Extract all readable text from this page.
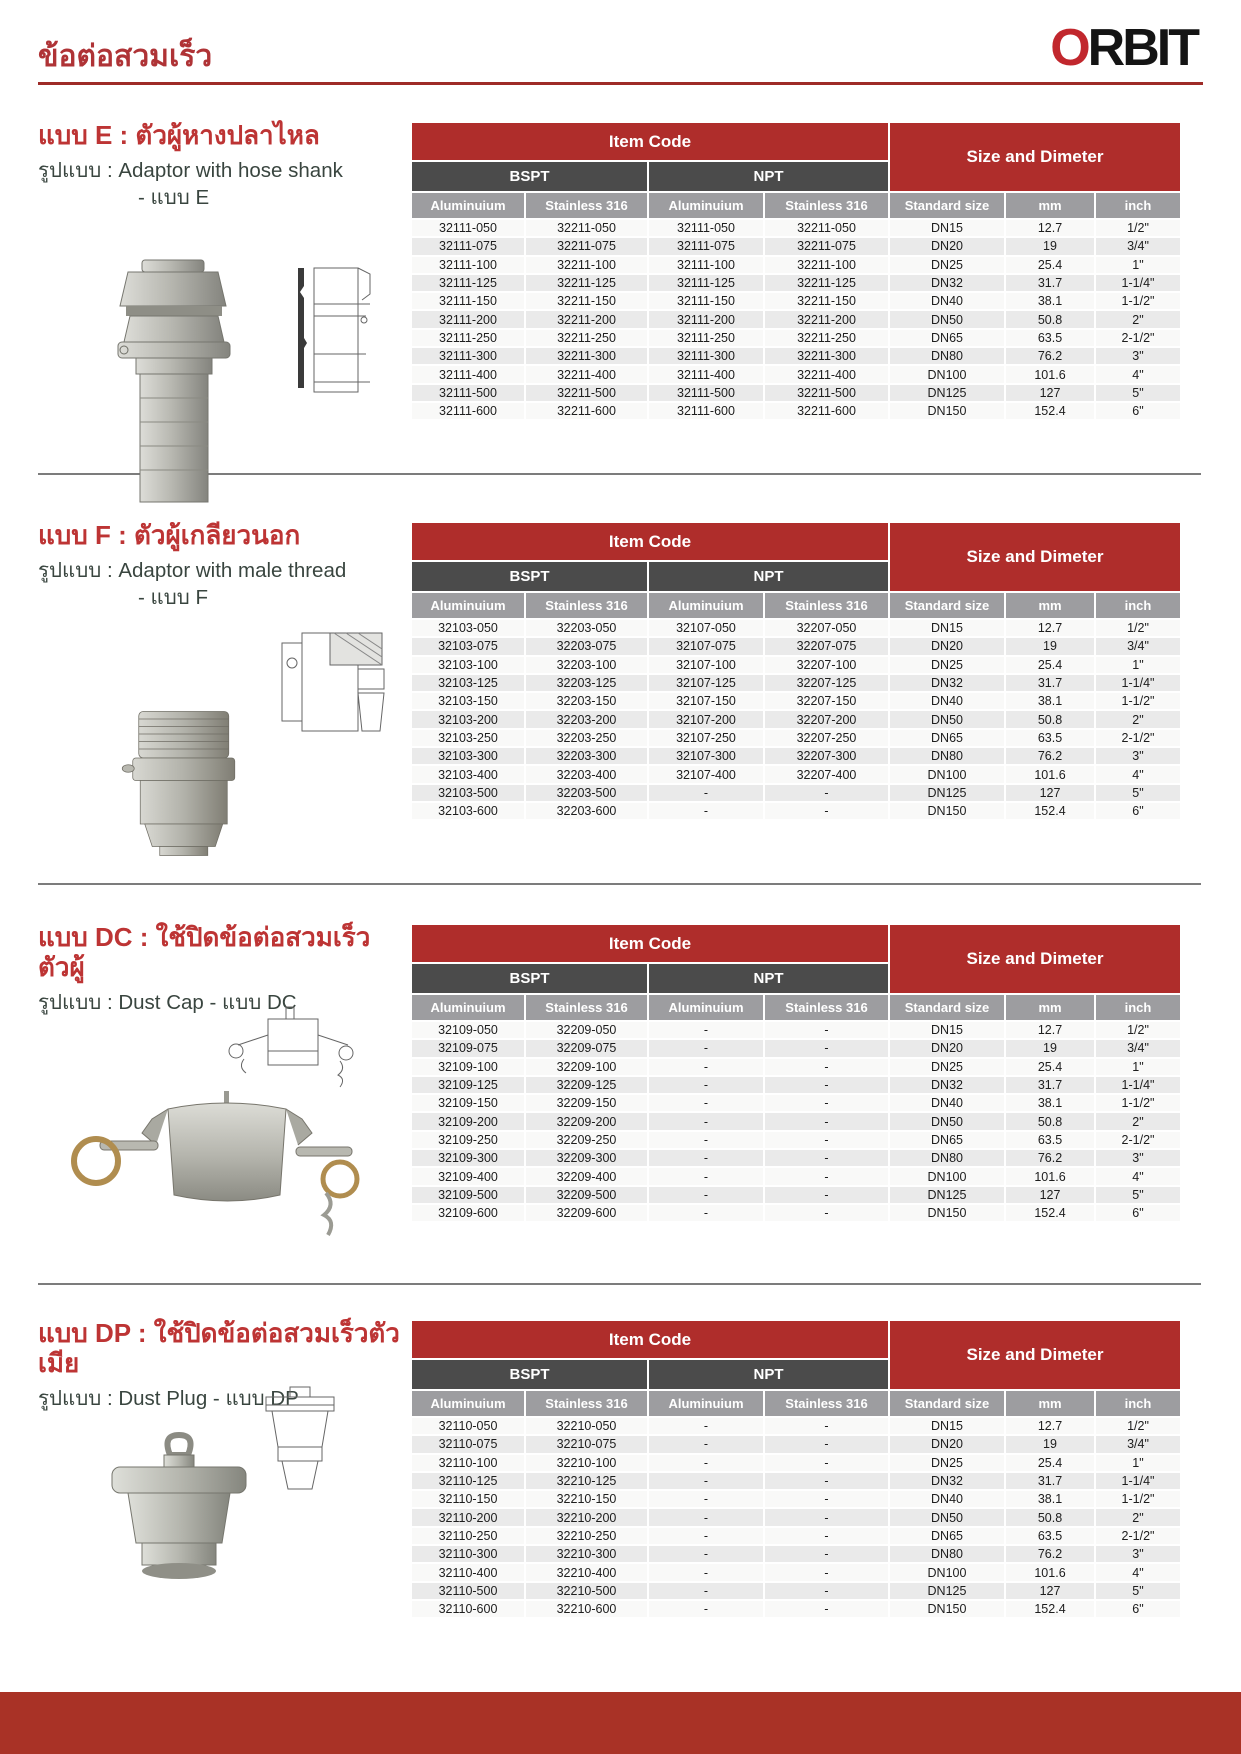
ข้อต่อสวมเร็ว	ORBIT
แบบ E : ตัวผู้หางปลาไหล

รูปแบบ : Adaptor with hose shank

- แบบ E

Item Code				Size and Dimeter		
BSPT		NPT				
Aluminuium	Stainless 316	Aluminuium	Stainless 316	Standard size	mm	inch
32111-050	32211-050	32111-050	32211-050	DN15	12.7	1/2"
32111-075	32211-075	32111-075	32211-075	DN20	19	3/4"
32111-100	32211-100	32111-100	32211-100	DN25	25.4	1"
32111-125	32211-125	32111-125	32211-125	DN32	31.7	1-1/4"
32111-150	32211-150	32111-150	32211-150	DN40	38.1	1-1/2"
32111-200	32211-200	32111-200	32211-200	DN50	50.8	2"
32111-250	32211-250	32111-250	32211-250	DN65	63.5	2-1/2"
32111-300	32211-300	32111-300	32211-300	DN80	76.2	3"
32111-400	32211-400	32111-400	32211-400	DN100	101.6	4"
32111-500	32211-500	32111-500	32211-500	DN125	127	5"
32111-600	32211-600	32111-600	32211-600	DN150	152.4	6"
แบบ F : ตัวผู้เกลียวนอก

รูปแบบ : Adaptor with male thread

- แบบ F

Item Code				Size and Dimeter		
BSPT		NPT				
Aluminuium	Stainless 316	Aluminuium	Stainless 316	Standard size	mm	inch
32103-050	32203-050	32107-050	32207-050	DN15	12.7	1/2"
32103-075	32203-075	32107-075	32207-075	DN20	19	3/4"
32103-100	32203-100	32107-100	32207-100	DN25	25.4	1"
32103-125	32203-125	32107-125	32207-125	DN32	31.7	1-1/4"
32103-150	32203-150	32107-150	32207-150	DN40	38.1	1-1/2"
32103-200	32203-200	32107-200	32207-200	DN50	50.8	2"
32103-250	32203-250	32107-250	32207-250	DN65	63.5	2-1/2"
32103-300	32203-300	32107-300	32207-300	DN80	76.2	3"
32103-400	32203-400	32107-400	32207-400	DN100	101.6	4"
32103-500	32203-500	-	-	DN125	127	5"
32103-600	32203-600	-	-	DN150	152.4	6"
แบบ DC : ใช้ปิดข้อต่อสวมเร็วตัวผู้

รูปแบบ : Dust Cap - แบบ DC

Item Code				Size and Dimeter		
BSPT		NPT				
Aluminuium	Stainless 316	Aluminuium	Stainless 316	Standard size	mm	inch
32109-050	32209-050	-	-	DN15	12.7	1/2"
32109-075	32209-075	-	-	DN20	19	3/4"
32109-100	32209-100	-	-	DN25	25.4	1"
32109-125	32209-125	-	-	DN32	31.7	1-1/4"
32109-150	32209-150	-	-	DN40	38.1	1-1/2"
32109-200	32209-200	-	-	DN50	50.8	2"
32109-250	32209-250	-	-	DN65	63.5	2-1/2"
32109-300	32209-300	-	-	DN80	76.2	3"
32109-400	32209-400	-	-	DN100	101.6	4"
32109-500	32209-500	-	-	DN125	127	5"
32109-600	32209-600	-	-	DN150	152.4	6"
แบบ DP : ใช้ปิดข้อต่อสวมเร็วตัวเมีย

รูปแบบ : Dust Plug - แบบ DP

Item Code				Size and Dimeter		
BSPT		NPT				
Aluminuium	Stainless 316	Aluminuium	Stainless 316	Standard size	mm	inch
32110-050	32210-050	-	-	DN15	12.7	1/2"
32110-075	32210-075	-	-	DN20	19	3/4"
32110-100	32210-100	-	-	DN25	25.4	1"
32110-125	32210-125	-	-	DN32	31.7	1-1/4"
32110-150	32210-150	-	-	DN40	38.1	1-1/2"
32110-200	32210-200	-	-	DN50	50.8	2"
32110-250	32210-250	-	-	DN65	63.5	2-1/2"
32110-300	32210-300	-	-	DN80	76.2	3"
32110-400	32210-400	-	-	DN100	101.6	4"
32110-500	32210-500	-	-	DN125	127	5"
32110-600	32210-600	-	-	DN150	152.4	6"
